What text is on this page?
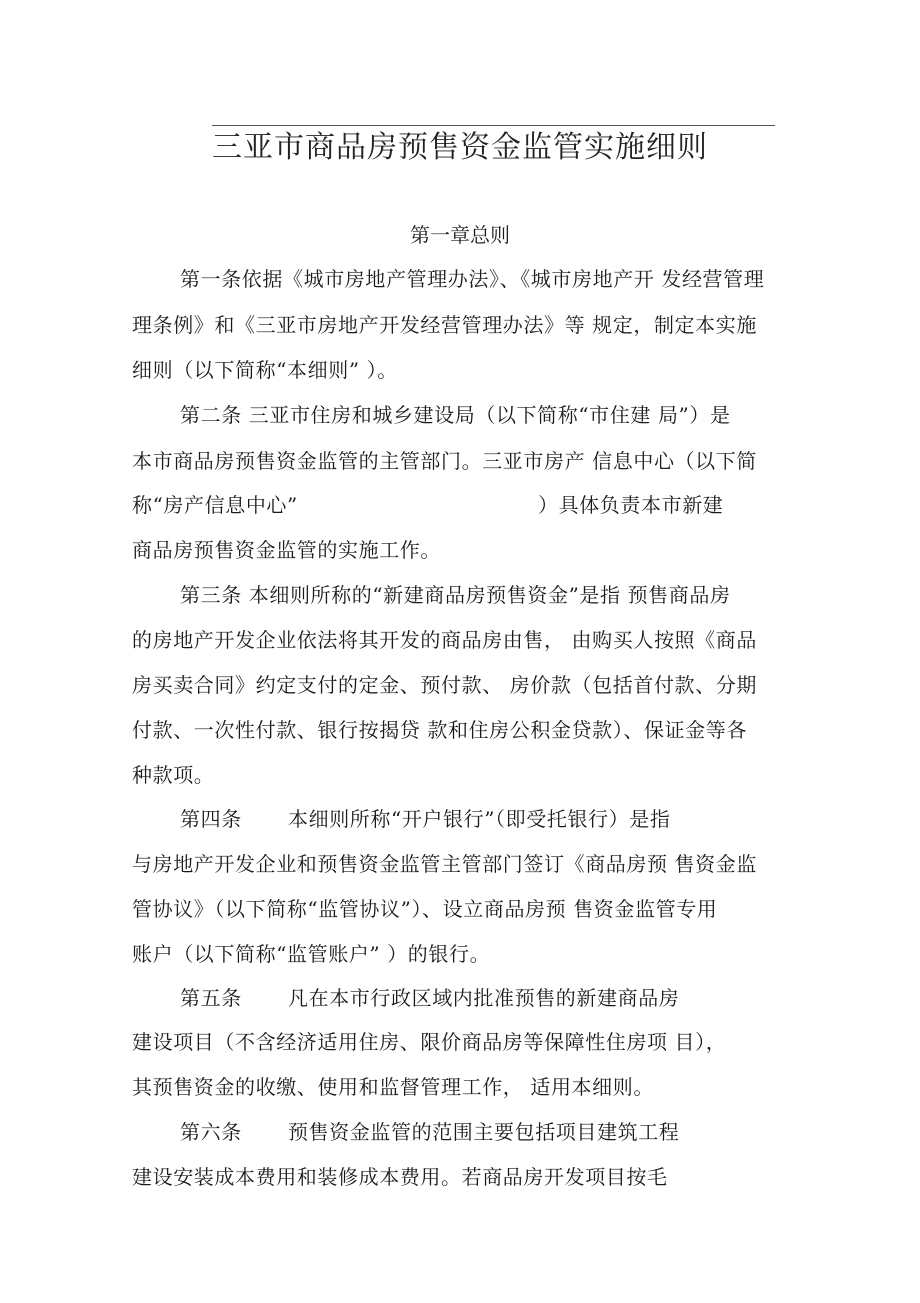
三亚市商品房预售资金监管实施细则
第一章总则
第一条依据《城市房地产管理办法》、《城市房地产开 发经营管理
理条例》和《三亚市房地产开发经营管理办法》等 规定，制定本实施
细则（以下简称“本细则” ）。
第二条 三亚市住房和城乡建设局（以下简称“市住建 局”）是
本市商品房预售资金监管的主管部门。三亚市房产 信息中心（以下简
称“房产信息中心”	）具体负责本市新建
商品房预售资金监管的实施工作。
第三条 本细则所称的“新建商品房预售资金”是指 预售商品房
的房地产开发企业依法将其开发的商品房由售， 由购买人按照《商品
房买卖合同》约定支付的定金、预付款、 房价款（包括首付款、分期
付款、一次性付款、银行按揭贷 款和住房公积金贷款）、保证金等各
种款项。
第四条 本细则所称“开户银行”（即受托银行）是指
与房地产开发企业和预售资金监管主管部门签订《商品房预 售资金监
管协议》（以下简称“监管协议”）、设立商品房预 售资金监管专用
账户（以下简称“监管账户” ）的银行。
第五条 凡在本市行政区域内批准预售的新建商品房
建设项目（不含经济适用住房、限价商品房等保障性住房项 目），
其预售资金的收缴、使用和监督管理工作， 适用本细则。
第六条 预售资金监管的范围主要包括项目建筑工程
建设安装成本费用和装修成本费用。若商品房开发项目按毛
